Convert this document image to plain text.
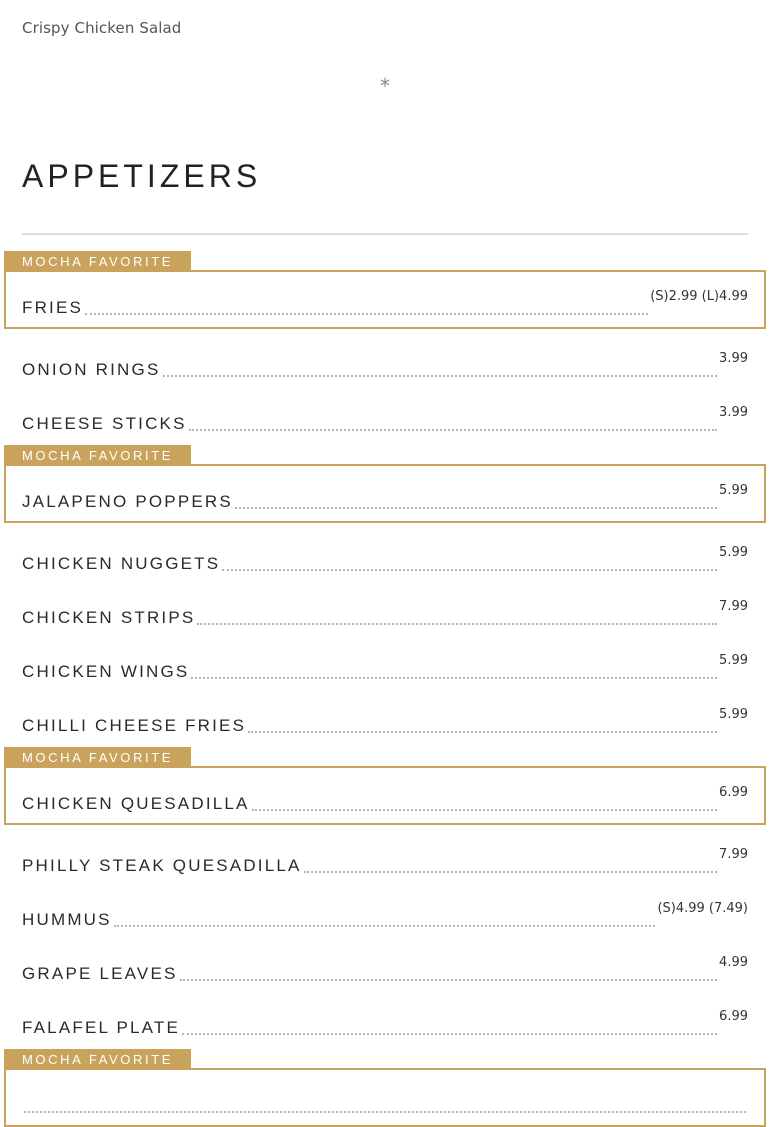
Crispy Chicken Salad
*
APPETIZERS
MOCHA FAVORITE
FRIES
(S)2.99 (L)4.99
ONION RINGS
3.99
CHEESE STICKS
3.99
MOCHA FAVORITE
JALAPENO POPPERS
5.99
CHICKEN NUGGETS
5.99
CHICKEN STRIPS
7.99
CHICKEN WINGS
5.99
CHILLI CHEESE FRIES
5.99
MOCHA FAVORITE
CHICKEN QUESADILLA
6.99
PHILLY STEAK QUESADILLA
7.99
HUMMUS
(S)4.99 (7.49)
GRAPE LEAVES
4.99
FALAFEL PLATE
6.99
MOCHA FAVORITE
